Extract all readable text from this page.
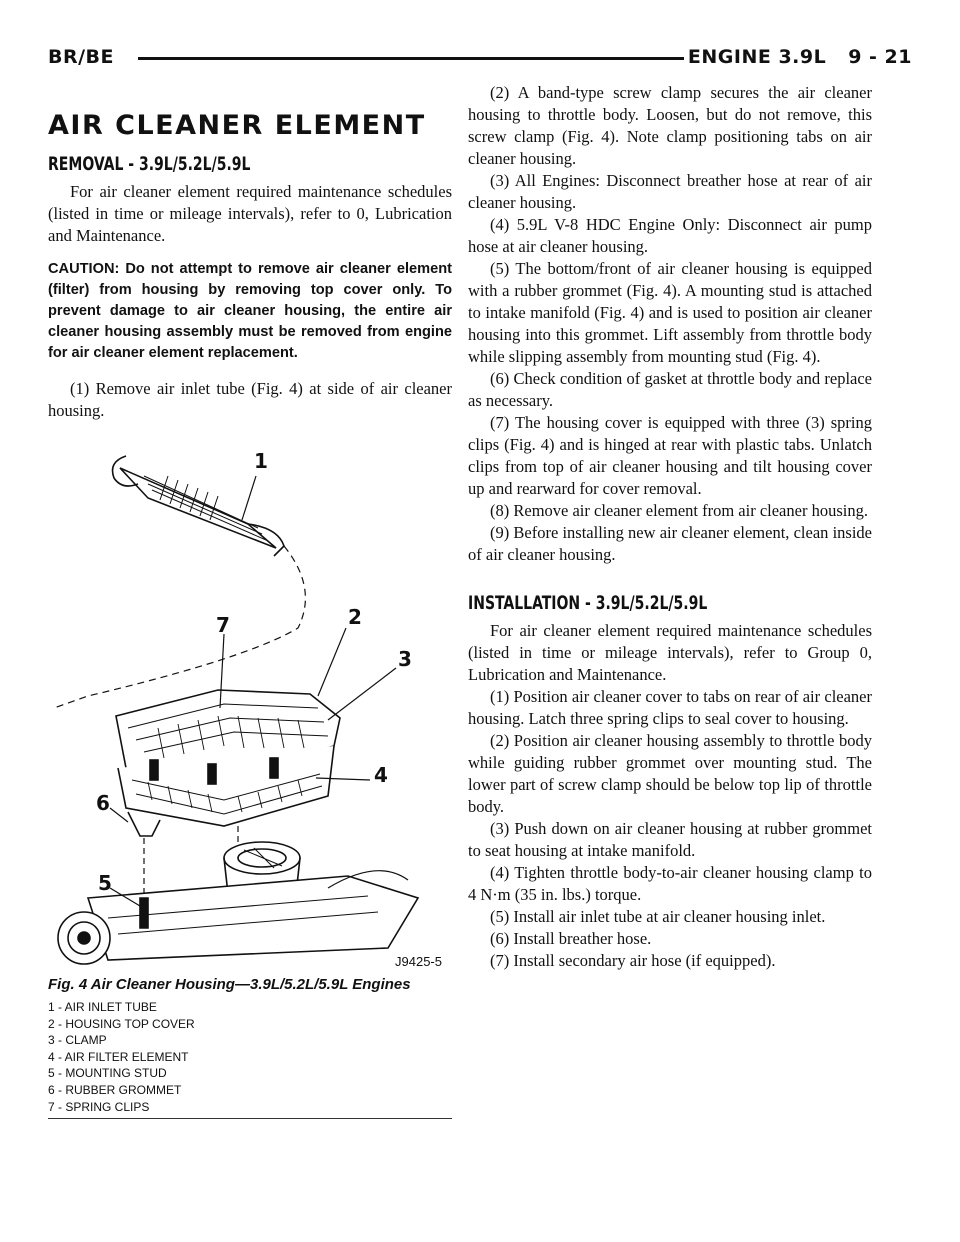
BR/BE	ENGINE 3.9L 9 - 21
AIR CLEANER ELEMENT
REMOVAL - 3.9L/5.2L/5.9L

For air cleaner element required maintenance schedules (listed in time or mileage intervals), refer to 0, Lubrication and Maintenance.

CAUTION: Do not attempt to remove air cleaner element (filter) from housing by removing top cover only. To prevent damage to air cleaner housing, the entire air cleaner housing assembly must be removed from engine for air cleaner element replacement.

(1) Remove air inlet tube (Fig. 4) at side of air cleaner housing.

1
2
3
4
5
6
7
J9425-5
Fig. 4 Air Cleaner Housing—3.9L/5.2L/5.9L Engines
1 - AIR INLET TUBE
2 - HOUSING TOP COVER
3 - CLAMP
4 - AIR FILTER ELEMENT
5 - MOUNTING STUD
6 - RUBBER GROMMET
7 - SPRING CLIPS

(2) A band-type screw clamp secures the air cleaner housing to throttle body. Loosen, but do not remove, this screw clamp (Fig. 4). Note clamp positioning tabs on air cleaner housing.

(3) All Engines: Disconnect breather hose at rear of air cleaner housing.

(4) 5.9L V-8 HDC Engine Only: Disconnect air pump hose at air cleaner housing.

(5) The bottom/front of air cleaner housing is equipped with a rubber grommet (Fig. 4). A mounting stud is attached to intake manifold (Fig. 4) and is used to position air cleaner housing into this grommet. Lift assembly from throttle body while slipping assembly from mounting stud (Fig. 4).

(6) Check condition of gasket at throttle body and replace as necessary.

(7) The housing cover is equipped with three (3) spring clips (Fig. 4) and is hinged at rear with plastic tabs. Unlatch clips from top of air cleaner housing and tilt housing cover up and rearward for cover removal.

(8) Remove air cleaner element from air cleaner housing.

(9) Before installing new air cleaner element, clean inside of air cleaner housing.

INSTALLATION - 3.9L/5.2L/5.9L

For air cleaner element required maintenance schedules (listed in time or mileage intervals), refer to Group 0, Lubrication and Maintenance.

(1) Position air cleaner cover to tabs on rear of air cleaner housing. Latch three spring clips to seal cover to housing.

(2) Position air cleaner housing assembly to throttle body while guiding rubber grommet over mounting stud. The lower part of screw clamp should be below top lip of throttle body.

(3) Push down on air cleaner housing at rubber grommet to seat housing at intake manifold.

(4) Tighten throttle body-to-air cleaner housing clamp to 4 N·m (35 in. lbs.) torque.

(5) Install air inlet tube at air cleaner housing inlet.

(6) Install breather hose.

(7) Install secondary air hose (if equipped).
